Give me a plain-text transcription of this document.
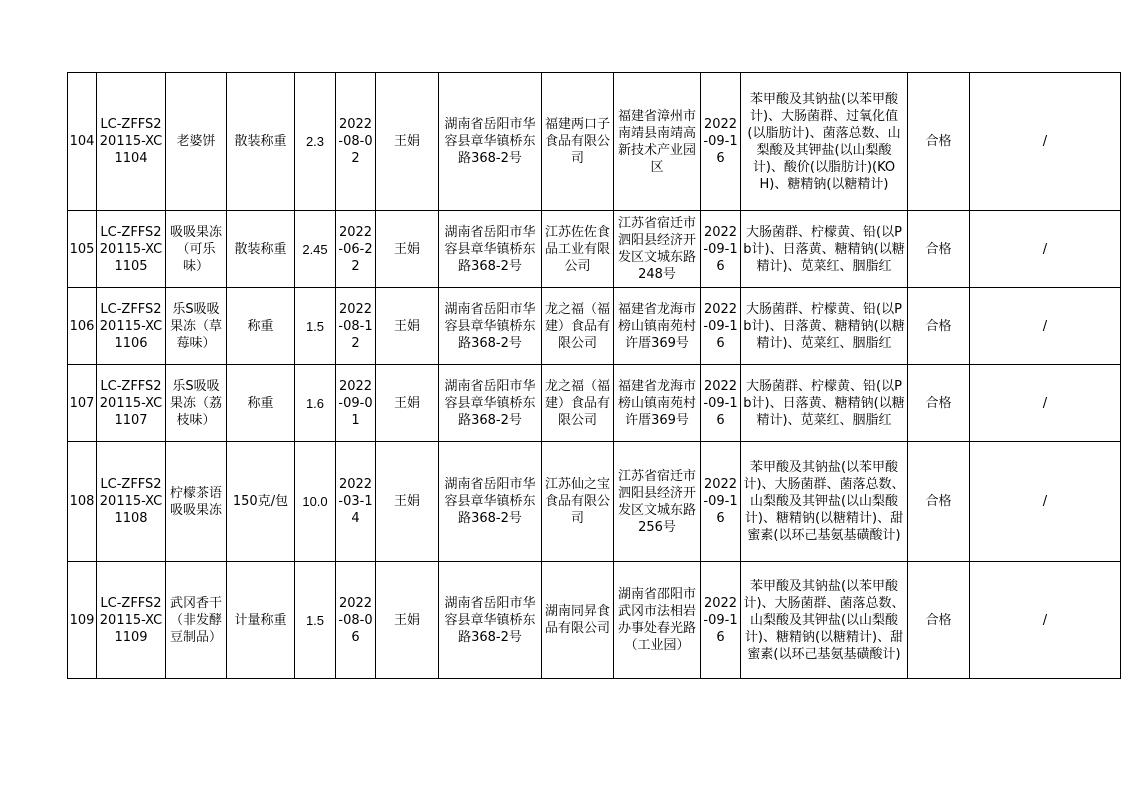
104	LC-ZFFS220115-XC1104	老婆饼	散装称重	2.3	2022-08-02	王娟	湖南省岳阳市华容县章华镇桥东路368-2号	福建两口子食品有限公司	福建省漳州市南靖县南靖高新技术产业园区	2022-09-16	苯甲酸及其钠盐(以苯甲酸计)、大肠菌群、过氧化值(以脂肪计)、菌落总数、山梨酸及其钾盐(以山梨酸计)、酸价(以脂肪计)(KOH)、糖精钠(以糖精计)	合格	/
105	LC-ZFFS220115-XC1105	吸吸果冻（可乐味）	散装称重	2.45	2022-06-22	王娟	湖南省岳阳市华容县章华镇桥东路368-2号	江苏佐佐食品工业有限公司	江苏省宿迁市泗阳县经济开发区文城东路248号	2022-09-16	大肠菌群、柠檬黄、铅(以Pb计)、日落黄、糖精钠(以糖精计)、苋菜红、胭脂红	合格	/
106	LC-ZFFS220115-XC1106	乐S吸吸果冻（草莓味）	称重	1.5	2022-08-12	王娟	湖南省岳阳市华容县章华镇桥东路368-2号	龙之福（福建）食品有限公司	福建省龙海市榜山镇南苑村许厝369号	2022-09-16	大肠菌群、柠檬黄、铅(以Pb计)、日落黄、糖精钠(以糖精计)、苋菜红、胭脂红	合格	/
107	LC-ZFFS220115-XC1107	乐S吸吸果冻（荔枝味）	称重	1.6	2022-09-01	王娟	湖南省岳阳市华容县章华镇桥东路368-2号	龙之福（福建）食品有限公司	福建省龙海市榜山镇南苑村许厝369号	2022-09-16	大肠菌群、柠檬黄、铅(以Pb计)、日落黄、糖精钠(以糖精计)、苋菜红、胭脂红	合格	/
108	LC-ZFFS220115-XC1108	柠檬茶语吸吸果冻	150克/包	10.0	2022-03-14	王娟	湖南省岳阳市华容县章华镇桥东路368-2号	江苏仙之宝食品有限公司	江苏省宿迁市泗阳县经济开发区文城东路256号	2022-09-16	苯甲酸及其钠盐(以苯甲酸计)、大肠菌群、菌落总数、山梨酸及其钾盐(以山梨酸计)、糖精钠(以糖精计)、甜蜜素(以环己基氨基磺酸计)	合格	/
109	LC-ZFFS220115-XC1109	武冈香干（非发酵豆制品）	计量称重	1.5	2022-08-06	王娟	湖南省岳阳市华容县章华镇桥东路368-2号	湖南同昇食品有限公司	湖南省邵阳市武冈市法相岩办事处春光路（工业园）	2022-09-16	苯甲酸及其钠盐(以苯甲酸计)、大肠菌群、菌落总数、山梨酸及其钾盐(以山梨酸计)、糖精钠(以糖精计)、甜蜜素(以环己基氨基磺酸计)	合格	/
